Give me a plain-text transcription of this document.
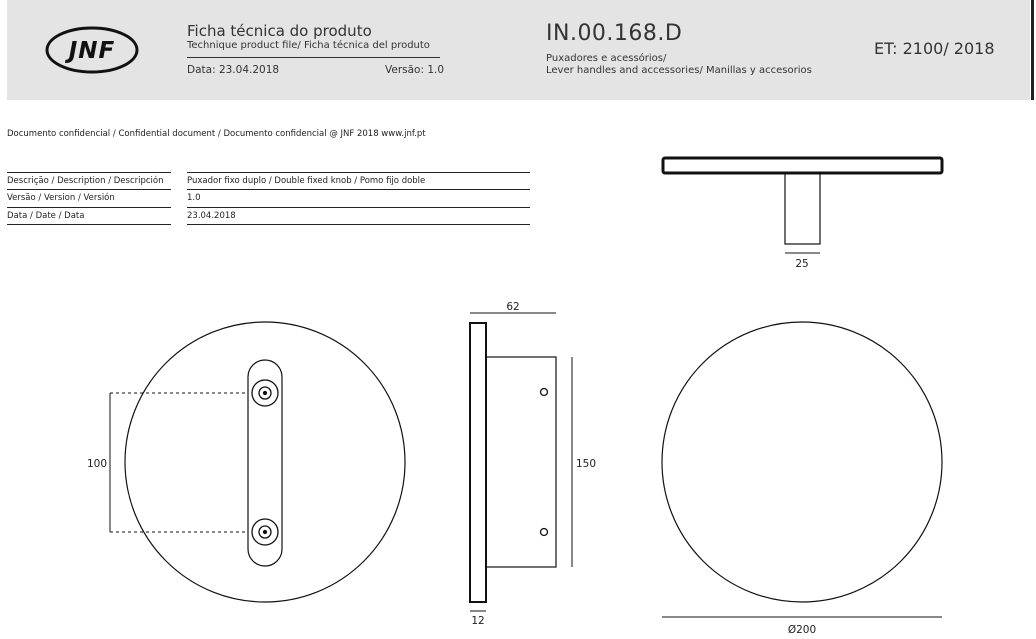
JNF
Ficha técnica do produto
Technique product file/ Ficha técnica del produto
Data: 23.04.2018	Versão: 1.0
IN.00.168.D
Puxadores e acessórios/
Lever handles and accessories/ Manillas y accesorios
ET: 2100/ 2018
Documento confidencial / Confidential document / Documento confidencial @ JNF 2018 www.jnf.pt
Descrição / Description / Descripción	Puxador fixo duplo / Double fixed knob / Pomo fijo doble
Versão / Version / Versión	1.0
Data / Date / Data	23.04.2018
25
100
62
150
12
Ø200
